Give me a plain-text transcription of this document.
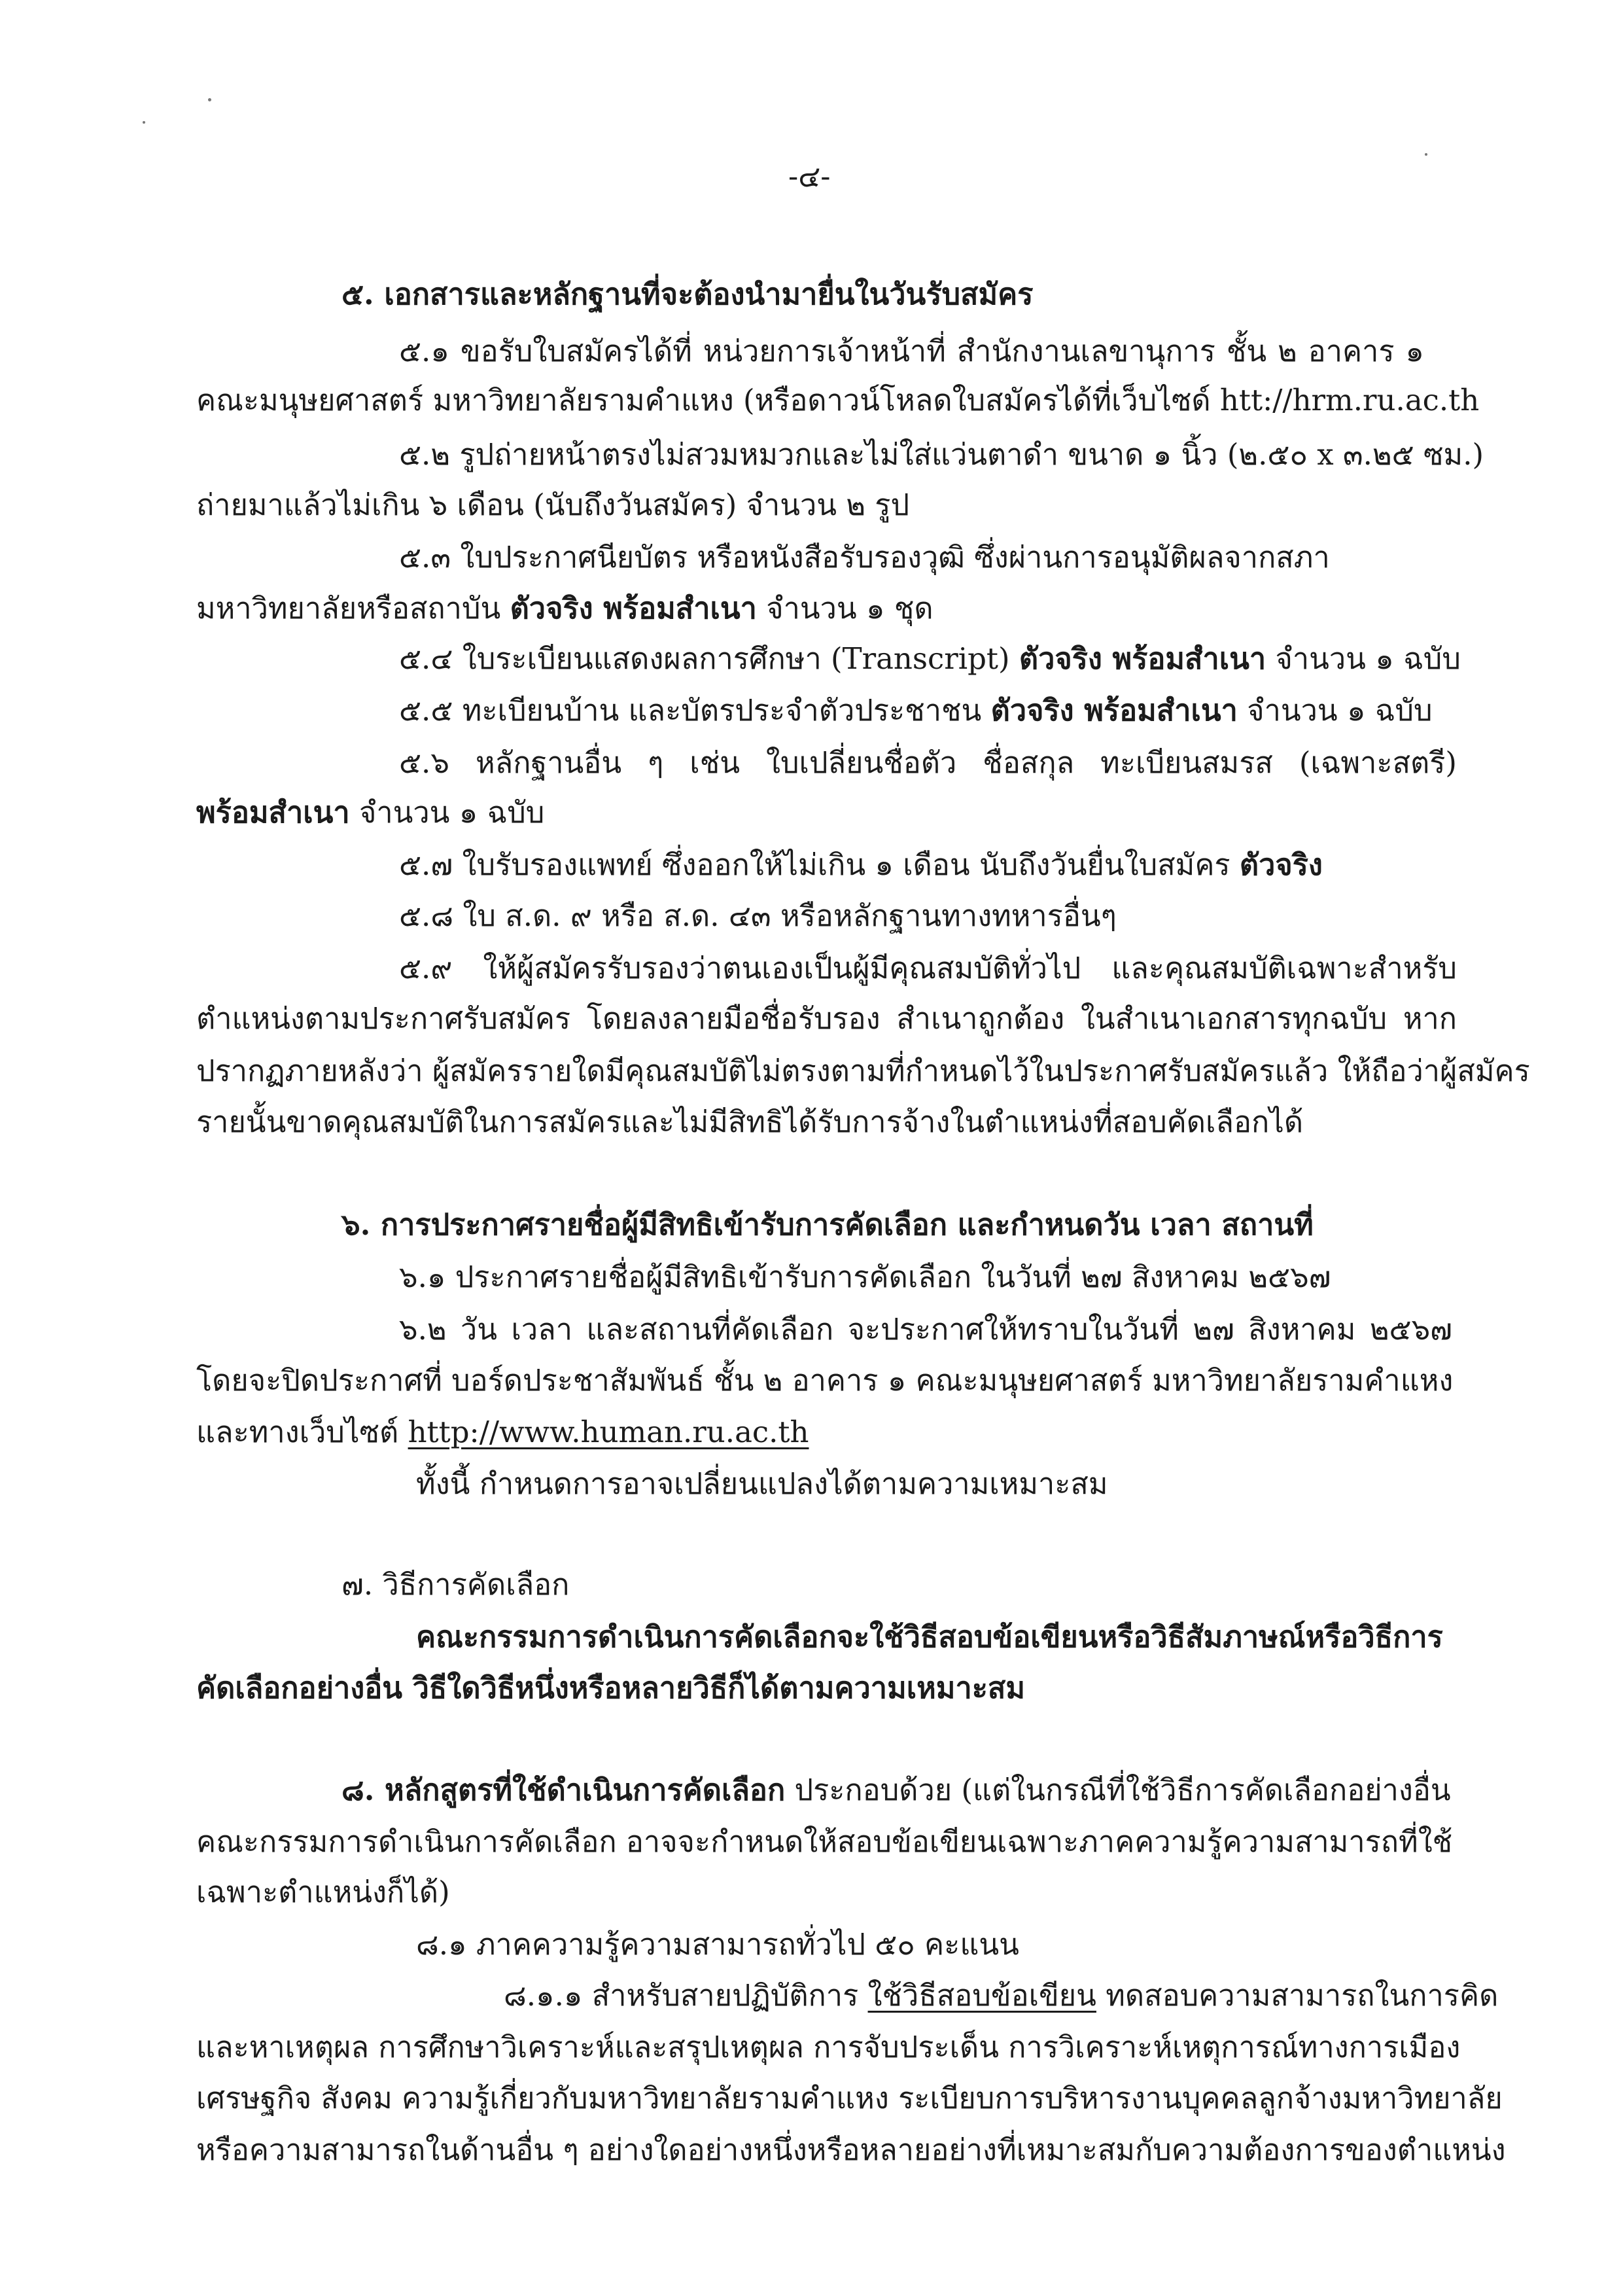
-๔-
๕. เอกสารและหลักฐานที่จะต้องนำมายื่นในวันรับสมัคร
๕.๑ ขอรับใบสมัครได้ที่ หน่วยการเจ้าหน้าที่ สำนักงานเลขานุการ ชั้น ๒ อาคาร ๑
คณะมนุษยศาสตร์ มหาวิทยาลัยรามคำแหง (หรือดาวน์โหลดใบสมัครได้ที่เว็บไซด์ htt://hrm.ru.ac.th
๕.๒ รูปถ่ายหน้าตรงไม่สวมหมวกและไม่ใส่แว่นตาดำ ขนาด ๑ นิ้ว (๒.๕๐ x ๓.๒๕ ซม.)
ถ่ายมาแล้วไม่เกิน ๖ เดือน (นับถึงวันสมัคร) จำนวน ๒ รูป
๕.๓ ใบประกาศนียบัตร หรือหนังสือรับรองวุฒิ ซึ่งผ่านการอนุมัติผลจากสภา
มหาวิทยาลัยหรือสถาบัน ตัวจริง พร้อมสำเนา จำนวน ๑ ชุด
๕.๔ ใบระเบียนแสดงผลการศึกษา (Transcript) ตัวจริง พร้อมสำเนา จำนวน ๑ ฉบับ
๕.๕ ทะเบียนบ้าน และบัตรประจำตัวประชาชน ตัวจริง พร้อมสำเนา จำนวน ๑ ฉบับ
๕.๖ หลักฐานอื่น ๆ เช่น ใบเปลี่ยนชื่อตัว ชื่อสกุล ทะเบียนสมรส (เฉพาะสตรี)
พร้อมสำเนา จำนวน ๑ ฉบับ
๕.๗ ใบรับรองแพทย์ ซึ่งออกให้ไม่เกิน ๑ เดือน นับถึงวันยื่นใบสมัคร ตัวจริง
๕.๘ ใบ ส.ด. ๙ หรือ ส.ด. ๔๓ หรือหลักฐานทางทหารอื่นๆ
๕.๙ ให้ผู้สมัครรับรองว่าตนเองเป็นผู้มีคุณสมบัติทั่วไป และคุณสมบัติเฉพาะสำหรับ
ตำแหน่งตามประกาศรับสมัคร โดยลงลายมือชื่อรับรอง สำเนาถูกต้อง ในสำเนาเอกสารทุกฉบับ หาก
ปรากฏภายหลังว่า ผู้สมัครรายใดมีคุณสมบัติไม่ตรงตามที่กำหนดไว้ในประกาศรับสมัครแล้ว ให้ถือว่าผู้สมัคร
รายนั้นขาดคุณสมบัติในการสมัครและไม่มีสิทธิได้รับการจ้างในตำแหน่งที่สอบคัดเลือกได้
๖. การประกาศรายชื่อผู้มีสิทธิเข้ารับการคัดเลือก และกำหนดวัน เวลา สถานที่
๖.๑ ประกาศรายชื่อผู้มีสิทธิเข้ารับการคัดเลือก ในวันที่ ๒๗ สิงหาคม ๒๕๖๗
๖.๒ วัน เวลา และสถานที่คัดเลือก จะประกาศให้ทราบในวันที่ ๒๗ สิงหาคม ๒๕๖๗
โดยจะปิดประกาศที่ บอร์ดประชาสัมพันธ์ ชั้น ๒ อาคาร ๑ คณะมนุษยศาสตร์ มหาวิทยาลัยรามคำแหง
และทางเว็บไซต์ http://www.human.ru.ac.th
ทั้งนี้ กำหนดการอาจเปลี่ยนแปลงได้ตามความเหมาะสม
๗. วิธีการคัดเลือก
คณะกรรมการดำเนินการคัดเลือกจะใช้วิธีสอบข้อเขียนหรือวิธีสัมภาษณ์หรือวิธีการ
คัดเลือกอย่างอื่น วิธีใดวิธีหนึ่งหรือหลายวิธีก็ได้ตามความเหมาะสม
๘. หลักสูตรที่ใช้ดำเนินการคัดเลือก ประกอบด้วย (แต่ในกรณีที่ใช้วิธีการคัดเลือกอย่างอื่น
คณะกรรมการดำเนินการคัดเลือก อาจจะกำหนดให้สอบข้อเขียนเฉพาะภาคความรู้ความสามารถที่ใช้
เฉพาะตำแหน่งก็ได้)
๘.๑ ภาคความรู้ความสามารถทั่วไป ๕๐ คะแนน
๘.๑.๑ สำหรับสายปฏิบัติการ ใช้วิธีสอบข้อเขียน ทดสอบความสามารถในการคิด
และหาเหตุผล การศึกษาวิเคราะห์และสรุปเหตุผล การจับประเด็น การวิเคราะห์เหตุการณ์ทางการเมือง
เศรษฐกิจ สังคม ความรู้เกี่ยวกับมหาวิทยาลัยรามคำแหง ระเบียบการบริหารงานบุคคลลูกจ้างมหาวิทยาลัย
หรือความสามารถในด้านอื่น ๆ อย่างใดอย่างหนึ่งหรือหลายอย่างที่เหมาะสมกับความต้องการของตำแหน่ง
